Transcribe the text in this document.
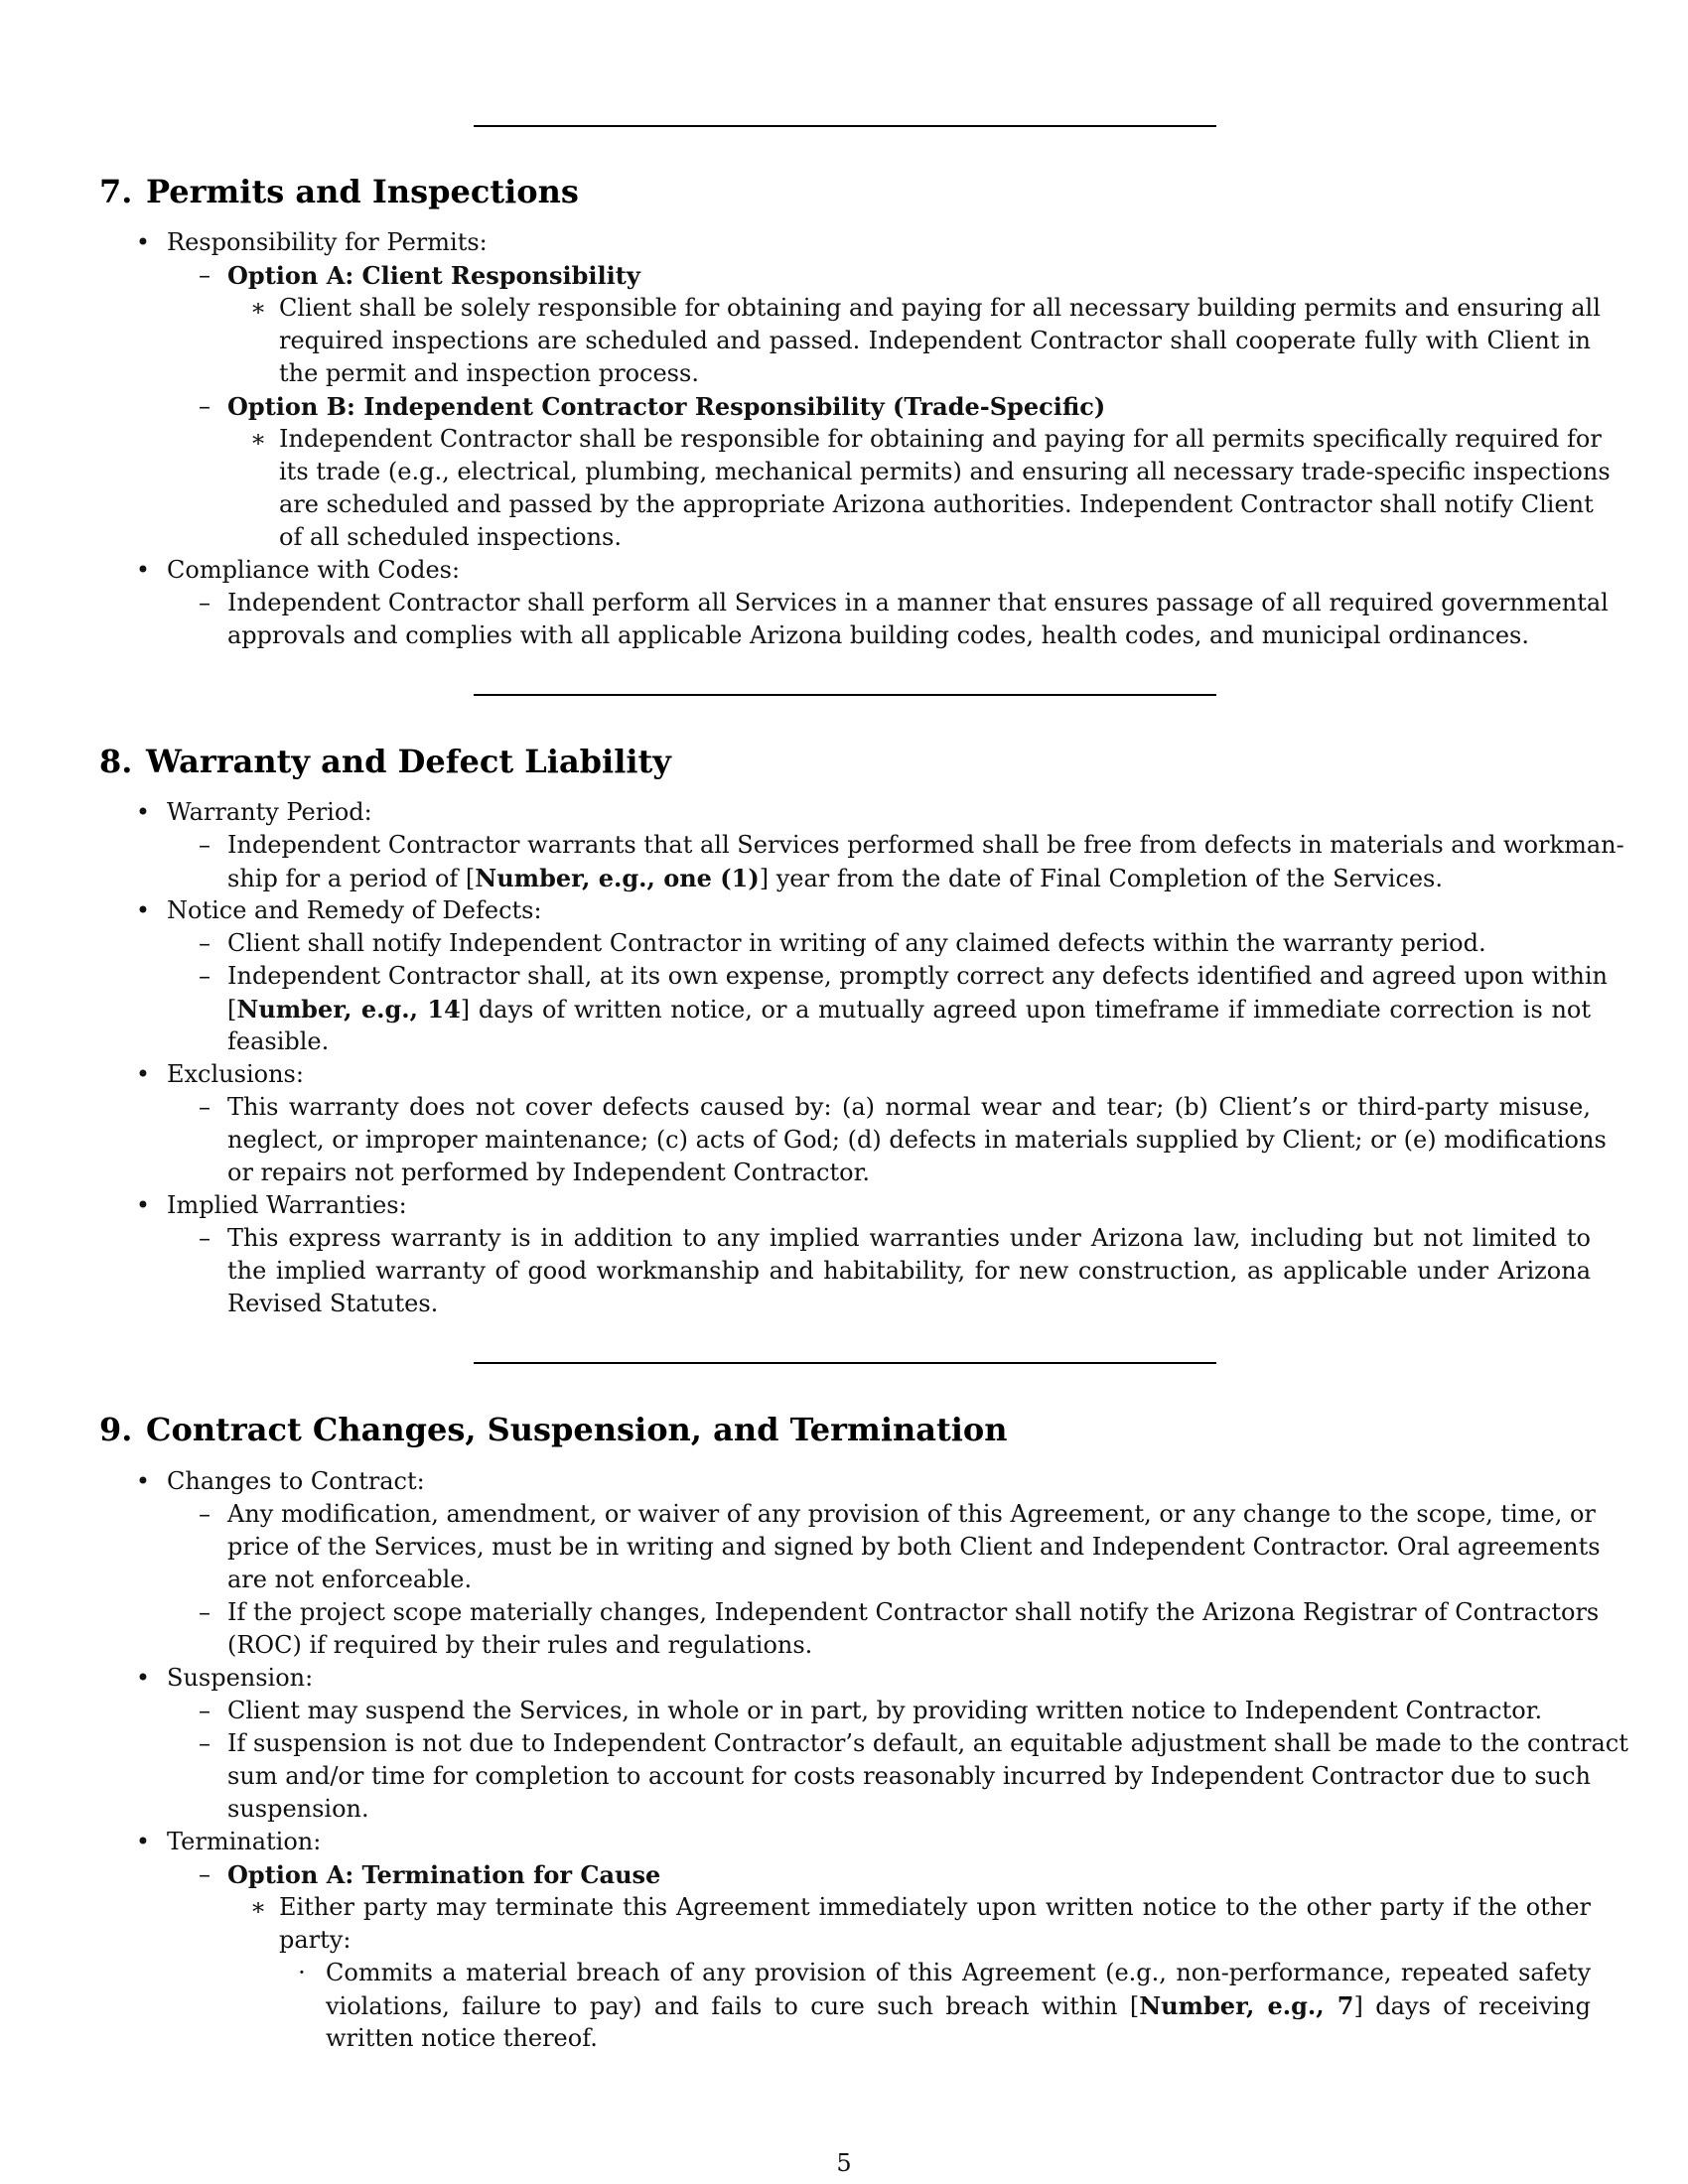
7. Permits and Inspections
• Responsibility for Permits:
– Option A: Client Responsibility
∗ Client shall be solely responsible for obtaining and paying for all necessary building permits and ensuring all
required inspections are scheduled and passed. Independent Contractor shall cooperate fully with Client in
the permit and inspection process.
– Option B: Independent Contractor Responsibility (Trade-Specific)
∗ Independent Contractor shall be responsible for obtaining and paying for all permits specifically required for
its trade (e.g., electrical, plumbing, mechanical permits) and ensuring all necessary trade-specific inspections
are scheduled and passed by the appropriate Arizona authorities. Independent Contractor shall notify Client
of all scheduled inspections.
• Compliance with Codes:
– Independent Contractor shall perform all Services in a manner that ensures passage of all required governmental
approvals and complies with all applicable Arizona building codes, health codes, and municipal ordinances.
8. Warranty and Defect Liability
• Warranty Period:
– Independent Contractor warrants that all Services performed shall be free from defects in materials and workman-
ship for a period of [Number, e.g., one (1)] year from the date of Final Completion of the Services.
• Notice and Remedy of Defects:
– Client shall notify Independent Contractor in writing of any claimed defects within the warranty period.
– Independent Contractor shall, at its own expense, promptly correct any defects identified and agreed upon within
[Number, e.g., 14] days of written notice, or a mutually agreed upon timeframe if immediate correction is not
feasible.
• Exclusions:
– This warranty does not cover defects caused by: (a) normal wear and tear; (b) Client’s or third-party misuse,
neglect, or improper maintenance; (c) acts of God; (d) defects in materials supplied by Client; or (e) modifications
or repairs not performed by Independent Contractor.
• Implied Warranties:
– This express warranty is in addition to any implied warranties under Arizona law, including but not limited to
the implied warranty of good workmanship and habitability, for new construction, as applicable under Arizona
Revised Statutes.
9. Contract Changes, Suspension, and Termination
• Changes to Contract:
– Any modification, amendment, or waiver of any provision of this Agreement, or any change to the scope, time, or
price of the Services, must be in writing and signed by both Client and Independent Contractor. Oral agreements
are not enforceable.
– If the project scope materially changes, Independent Contractor shall notify the Arizona Registrar of Contractors
(ROC) if required by their rules and regulations.
• Suspension:
– Client may suspend the Services, in whole or in part, by providing written notice to Independent Contractor.
– If suspension is not due to Independent Contractor’s default, an equitable adjustment shall be made to the contract
sum and/or time for completion to account for costs reasonably incurred by Independent Contractor due to such
suspension.
• Termination:
– Option A: Termination for Cause
∗ Either party may terminate this Agreement immediately upon written notice to the other party if the other
party:
· Commits a material breach of any provision of this Agreement (e.g., non-performance, repeated safety
violations, failure to pay) and fails to cure such breach within [Number, e.g., 7] days of receiving
written notice thereof.
5
